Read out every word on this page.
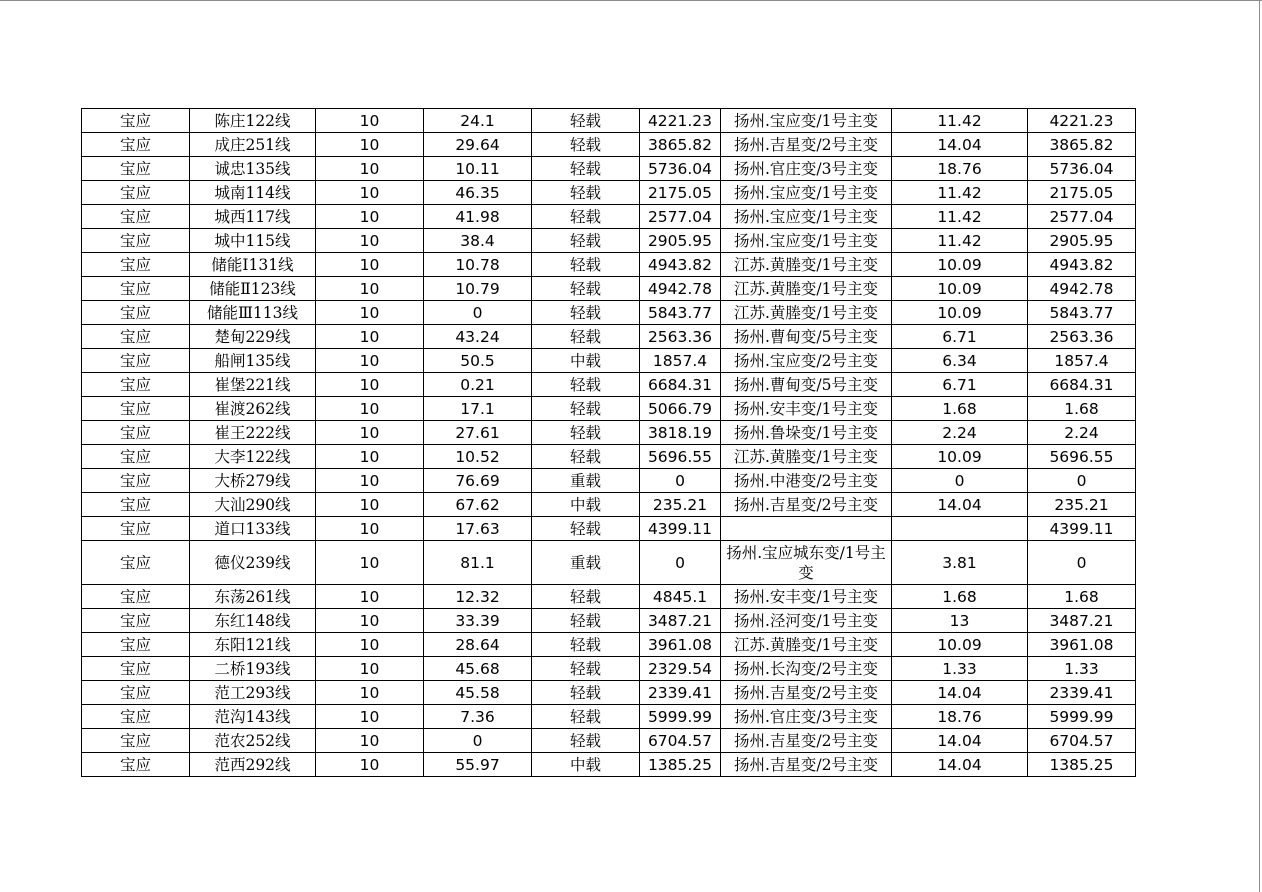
宝应	陈庄122线	10	24.1	轻载	4221.23	扬州.宝应变/1号主变	11.42	4221.23
宝应	成庄251线	10	29.64	轻载	3865.82	扬州.吉星变/2号主变	14.04	3865.82
宝应	诚忠135线	10	10.11	轻载	5736.04	扬州.官庄变/3号主变	18.76	5736.04
宝应	城南114线	10	46.35	轻载	2175.05	扬州.宝应变/1号主变	11.42	2175.05
宝应	城西117线	10	41.98	轻载	2577.04	扬州.宝应变/1号主变	11.42	2577.04
宝应	城中115线	10	38.4	轻载	2905.95	扬州.宝应变/1号主变	11.42	2905.95
宝应	储能Ⅰ131线	10	10.78	轻载	4943.82	江苏.黄塍变/1号主变	10.09	4943.82
宝应	储能Ⅱ123线	10	10.79	轻载	4942.78	江苏.黄塍变/1号主变	10.09	4942.78
宝应	储能Ⅲ113线	10	0	轻载	5843.77	江苏.黄塍变/1号主变	10.09	5843.77
宝应	楚甸229线	10	43.24	轻载	2563.36	扬州.曹甸变/5号主变	6.71	2563.36
宝应	船闸135线	10	50.5	中载	1857.4	扬州.宝应变/2号主变	6.34	1857.4
宝应	崔堡221线	10	0.21	轻载	6684.31	扬州.曹甸变/5号主变	6.71	6684.31
宝应	崔渡262线	10	17.1	轻载	5066.79	扬州.安丰变/1号主变	1.68	1.68
宝应	崔王222线	10	27.61	轻载	3818.19	扬州.鲁垛变/1号主变	2.24	2.24
宝应	大李122线	10	10.52	轻载	5696.55	江苏.黄塍变/1号主变	10.09	5696.55
宝应	大桥279线	10	76.69	重载	0	扬州.中港变/2号主变	0	0
宝应	大汕290线	10	67.62	中载	235.21	扬州.吉星变/2号主变	14.04	235.21
宝应	道口133线	10	17.63	轻载	4399.11			4399.11
宝应	德仪239线	10	81.1	重载	0	扬州.宝应城东变/1号主变	3.81	0
宝应	东荡261线	10	12.32	轻载	4845.1	扬州.安丰变/1号主变	1.68	1.68
宝应	东红148线	10	33.39	轻载	3487.21	扬州.泾河变/1号主变	13	3487.21
宝应	东阳121线	10	28.64	轻载	3961.08	江苏.黄塍变/1号主变	10.09	3961.08
宝应	二桥193线	10	45.68	轻载	2329.54	扬州.长沟变/2号主变	1.33	1.33
宝应	范工293线	10	45.58	轻载	2339.41	扬州.吉星变/2号主变	14.04	2339.41
宝应	范沟143线	10	7.36	轻载	5999.99	扬州.官庄变/3号主变	18.76	5999.99
宝应	范农252线	10	0	轻载	6704.57	扬州.吉星变/2号主变	14.04	6704.57
宝应	范西292线	10	55.97	中载	1385.25	扬州.吉星变/2号主变	14.04	1385.25
